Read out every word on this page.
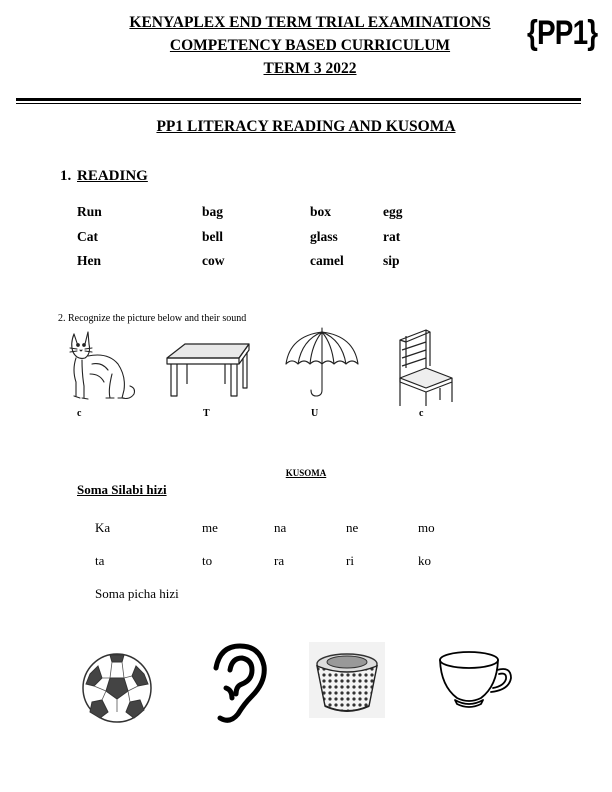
KENYAPLEX END TERM TRIAL EXAMINATIONS
COMPETENCY BASED CURRICULUM
TERM 3 2022
{PP1}
PP1 LITERACY READING AND KUSOMA
1. READING
Run	bag	box	egg
Cat	bell	glass	rat
Hen	cow	camel	sip
2. Recognize the picture below and their sound
c	T	U	c
KUSOMA
Soma Silabi hizi
Ka	me	na	ne	mo
ta	to	ra	ri	ko
Soma picha hizi
